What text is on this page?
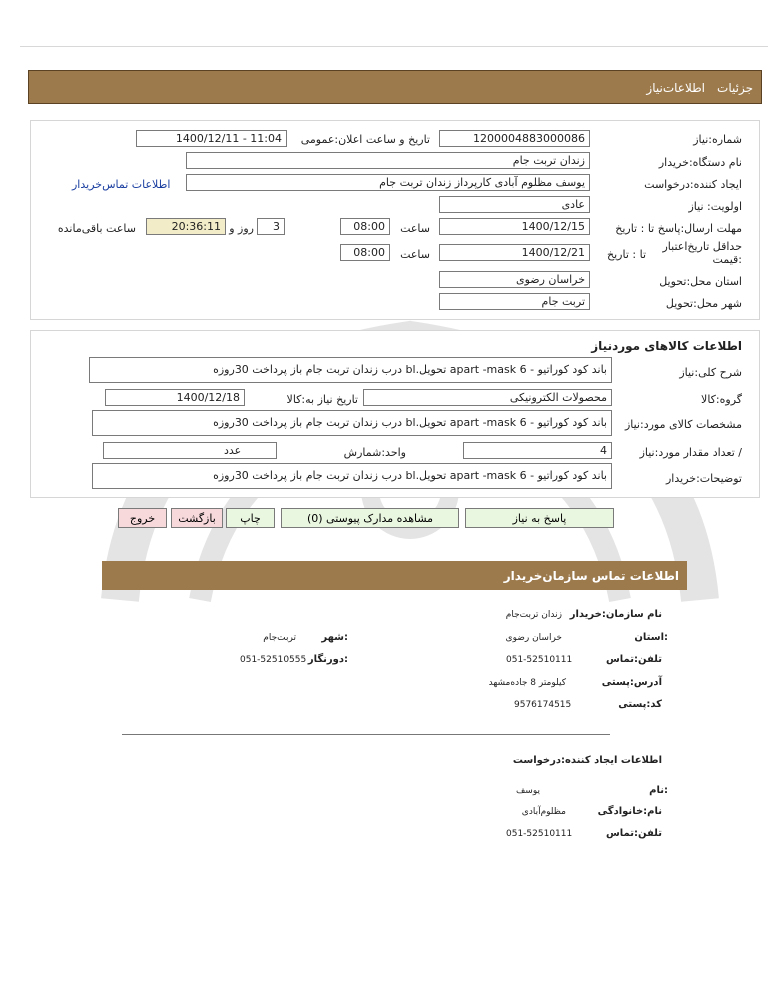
جزئیات
اطلاعات‌نیاز
شماره:نیاز
1200004883000086
تاریخ و ساعت اعلان:عمومی
1400/12/11 - 11:04
نام دستگاه:خریدار
زندان تربت جام
ایجاد کننده:درخواست
یوسف مظلوم آبادی کارپرداز زندان تربت جام
اطلاعات تماس‌خریدار
اولویت: نیاز
عادی
مهلت ارسال:پاسخ تا : تاریخ
1400/12/15
ساعت
08:00
3
روز و
20:36:11
ساعت باقی‌مانده
حداقل تاریخ‌اعتبار :قیمت
تا : تاریخ
1400/12/21
ساعت
08:00
استان محل:تحویل
خراسان رضوی
شهر محل:تحویل
تربت جام
اطلاعات کالاهای موردنیاز
شرح کلی:نیاز
باند کود کوراتیو - apart -mask 6 تحویل.bl درب زندان تربت جام باز پرداخت 30روزه
گروه:کالا
محصولات الکترونیکی
تاریخ نیاز به:کالا
1400/12/18
مشخصات کالای مورد:نیاز
باند کود کوراتیو - apart -mask 6 تحویل.bl درب زندان تربت جام باز پرداخت 30روزه
/ تعداد مقدار مورد:نیاز
4
واحد:شمارش
عدد
توضیحات:خریدار
باند کود کوراتیو - apart -mask 6 تحویل.bl درب زندان تربت جام باز پرداخت 30روزه
پاسخ به نیاز
مشاهده مدارک پیوستی (0)
چاپ
بازگشت
خروج
اطلاعات تماس سازمان‌خریدار
نام سازمان:خریدار
زندان تربت‌جام
:استان
خراسان رضوی
:شهر
تربت‌جام
تلفن:تماس
051-52510111
:دورنگار
051-52510555
آدرس:پستی
کیلومتر 8 جاده‌مشهد
کد:پستی
9576174515
اطلاعات ایجاد کننده:درخواست
:نام
یوسف
نام:خانوادگی
مظلوم‌آبادی
تلفن:تماس
051-52510111
